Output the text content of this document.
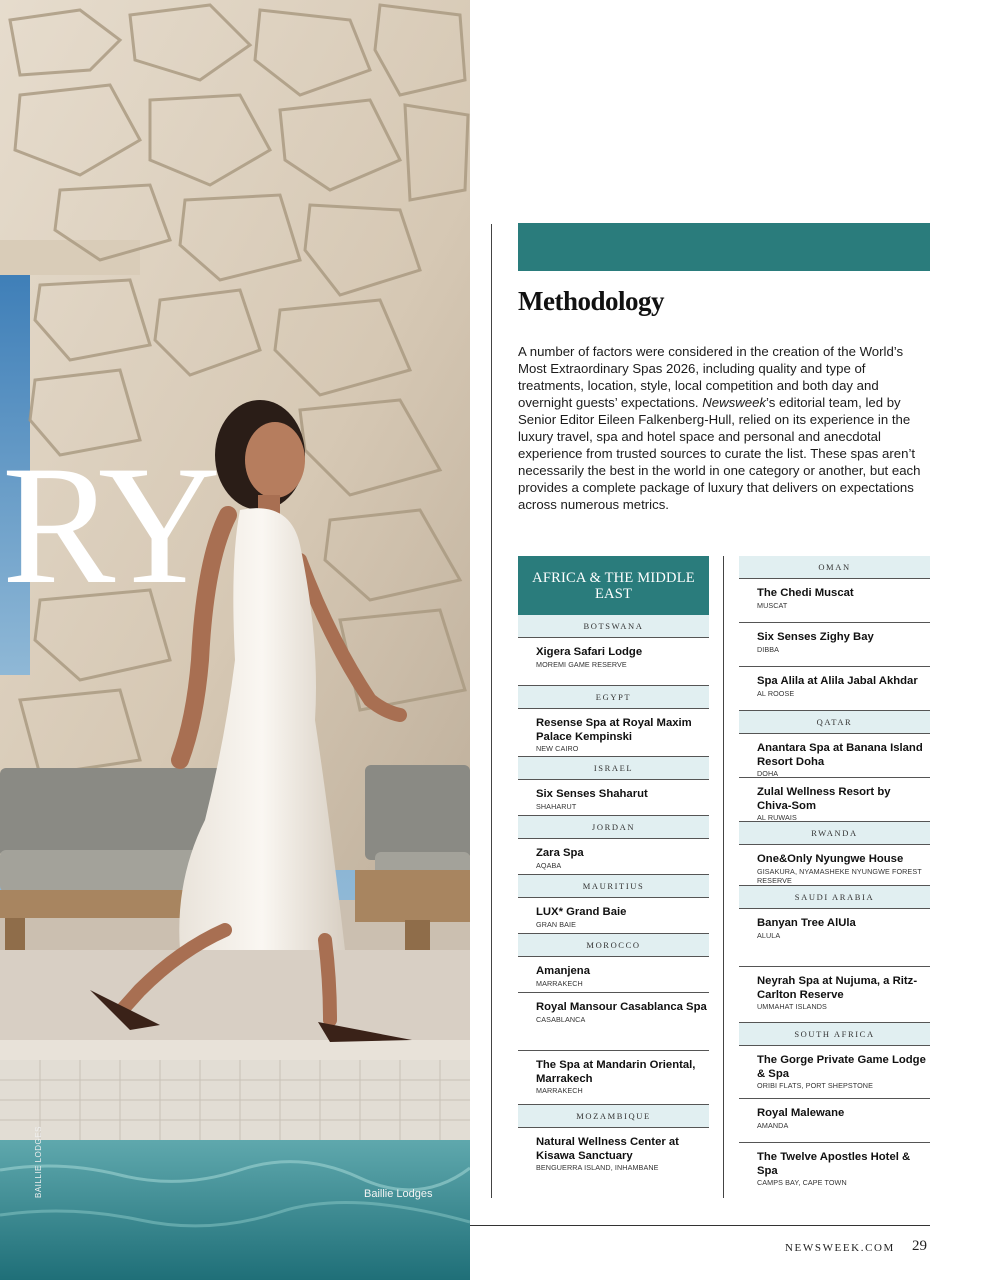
RY
BAILLIE LODGES	Baillie Lodges
Methodology

A number of factors were considered in the creation of the World’s Most Extraordinary Spas 2026, including quality and type of treatments, location, style, local competition and both day and overnight guests’ expectations. Newsweek’s editorial team, led by Senior Editor Eileen Falkenberg-Hull, relied on its experience in the luxury travel, spa and hotel space and personal and anecdotal experience from trusted sources to curate the list. These spas aren’t necessarily the best in the world in one category or another, but each provides a complete package of luxury that delivers on expectations across numerous metrics.

AFRICA & THE MIDDLE EAST
BOTSWANA
Xigera Safari Lodge
MOREMI GAME RESERVE
EGYPT
Resense Spa at Royal Maxim Palace Kempinski
NEW CAIRO
ISRAEL
Six Senses Shaharut
SHAHARUT
JORDAN
Zara Spa
AQABA
MAURITIUS
LUX* Grand Baie
GRAN BAIE
MOROCCO
Amanjena
MARRAKECH
Royal Mansour Casablanca Spa
CASABLANCA
The Spa at Mandarin Oriental, Marrakech
MARRAKECH
MOZAMBIQUE
Natural Wellness Center at Kisawa Sanctuary
BENGUERRA ISLAND, INHAMBANE
OMAN
The Chedi Muscat
MUSCAT
Six Senses Zighy Bay
DIBBA
Spa Alila at Alila Jabal Akhdar
AL ROOSE
QATAR
Anantara Spa at Banana Island Resort Doha
DOHA
Zulal Wellness Resort by Chiva-Som
AL RUWAIS
RWANDA
One&Only Nyungwe House
GISAKURA, NYAMASHEKE NYUNGWE FOREST RESERVE
SAUDI ARABIA
Banyan Tree AlUla
ALULA
Neyrah Spa at Nujuma, a Ritz-Carlton Reserve
UMMAHAT ISLANDS
SOUTH AFRICA
The Gorge Private Game Lodge & Spa
ORIBI FLATS, PORT SHEPSTONE
Royal Malewane
AMANDA
The Twelve Apostles Hotel & Spa
CAMPS BAY, CAPE TOWN
NEWSWEEK.COM 29
